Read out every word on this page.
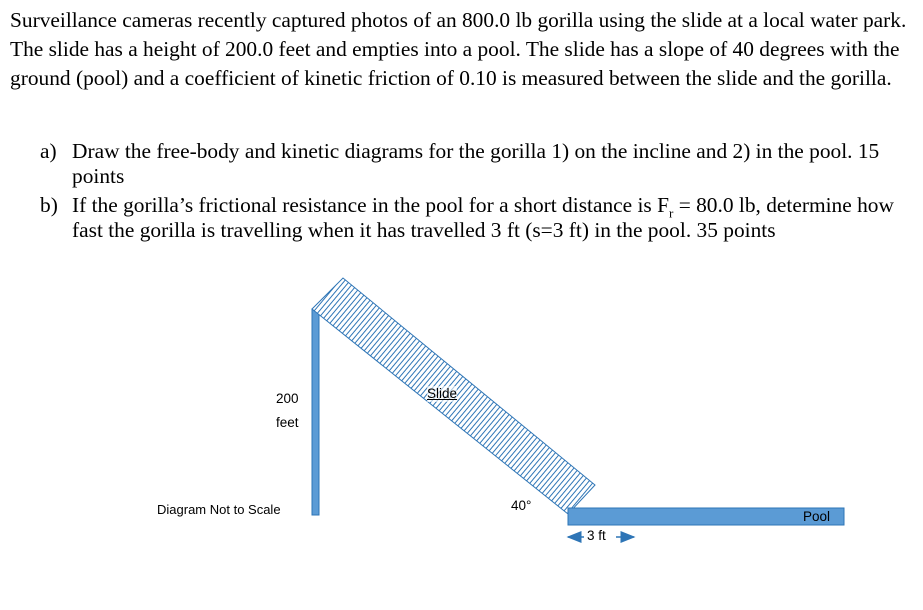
Surveillance cameras recently captured photos of an 800.0 lb gorilla using the slide at a local water park. The slide has a height of 200.0 feet and empties into a pool. The slide has a slope of 40 degrees with the ground (pool) and a coefficient of kinetic friction of 0.10 is measured between the slide and the gorilla.
a) Draw the free-body and kinetic diagrams for the gorilla 1) on the incline and 2) in the pool. 15 points
b) If the gorilla’s frictional resistance in the pool for a short distance is $F_r = 80.0$ lb, determine how fast the gorilla is travelling when it has travelled 3 ft (s=3 ft) in the pool. 35 points
200
feet
Slide
40°
Pool
3 ft
Diagram Not to Scale
